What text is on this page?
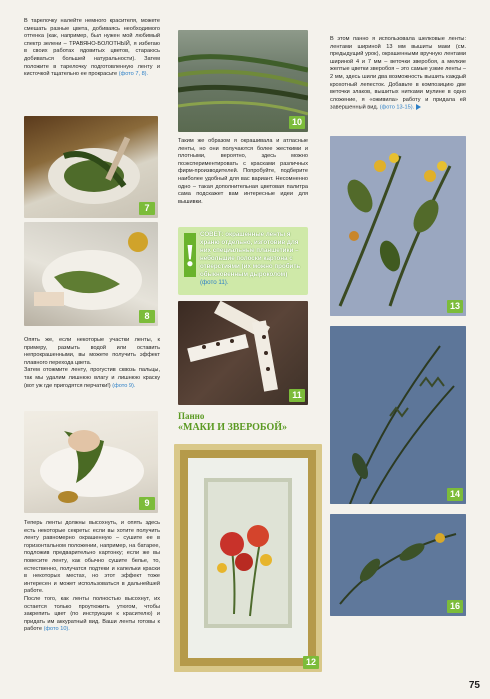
В тарелочку налейте немного красителя, можете смешать разные цвета, добиваясь необходимого оттенка (как, например, был нужен мой любимый спектр зелени – ТРАВЯНО-БОЛОТНЫЙ, я избегаю в своих работах ядовитых цветов, стараюсь добиваться большей натуральности). Затем положите в тарелочку подготовленную ленту и кисточкой тщательно ее прокрасьте (фото 7, 8).

7
8

Опять же, если некоторые участки ленты, к примеру, размыть водой или оставить непрокрашенными, вы можете получить эффект плавного перехода цвета.

Затем отожмите ленту, прогустив сквозь пальцы, так мы удалим лишнюю влагу и лишнюю краску (вот уж где пригодятся перчатки!) (фото 9).

9

Теперь ленты должны высохнуть, и опять здесь есть некоторые секреты: если вы хотите получить ленту равномерно окрашенную – сушите ее в горизонтальном положении, например, на батарее, подложив предварительно картонку; если же вы повесите ленту, как обычно сушите белье, то, естественно, получатся подтеки и капельки краски в некоторых местах, но этот эффект тоже интересен и может использоваться в дальнейшей работе.

После того, как ленты полностью высохнут, их остается только проутюжить утюгом, чтобы закрепить цвет (по инструкции к красителю) и придать им аккуратный вид. Ваши ленты готовы к работе (фото 10).

10

Таким же образом я окрашивала и атласные ленты, но они получаются более жесткими и плотными, вероятно, здесь можно поэкспериментировать с красками различных фирм-производителей. Попробуйте, подберите наиболее удобный для вас вариант. Несомненно одно – такая дополнительная цветовая палитра сама подскажет вам интересные идеи для вышивки.

!
СОВЕТ: окрашенные ленты я храню отдельно, изготовив для них специальные планшетики – небольшие полоски картона с отверстиями (их можно пробить обыкновенным дыроколом) (фото 11).
11
Панно
«МАКИ И ЗВЕРОБОЙ»
12

В этом панно я использовала шелковые ленты: лентами шириной 13 мм вышиты маки (см. предыдущий урок), окрашенными вручную лентами шириной 4 и 7 мм – веточки зверобоя, а мелкие желтые цветки зверобоя – это самые узкие ленты – 2 мм, здесь шили два возможность вышить каждый крохотный лепесток. Добавьте в композицию две веточки злаков, вышитых нитками мулине в одно сложение, я «оживила» работу и придала ей завершенный вид. (фото 13-15).

13
14
16
75
